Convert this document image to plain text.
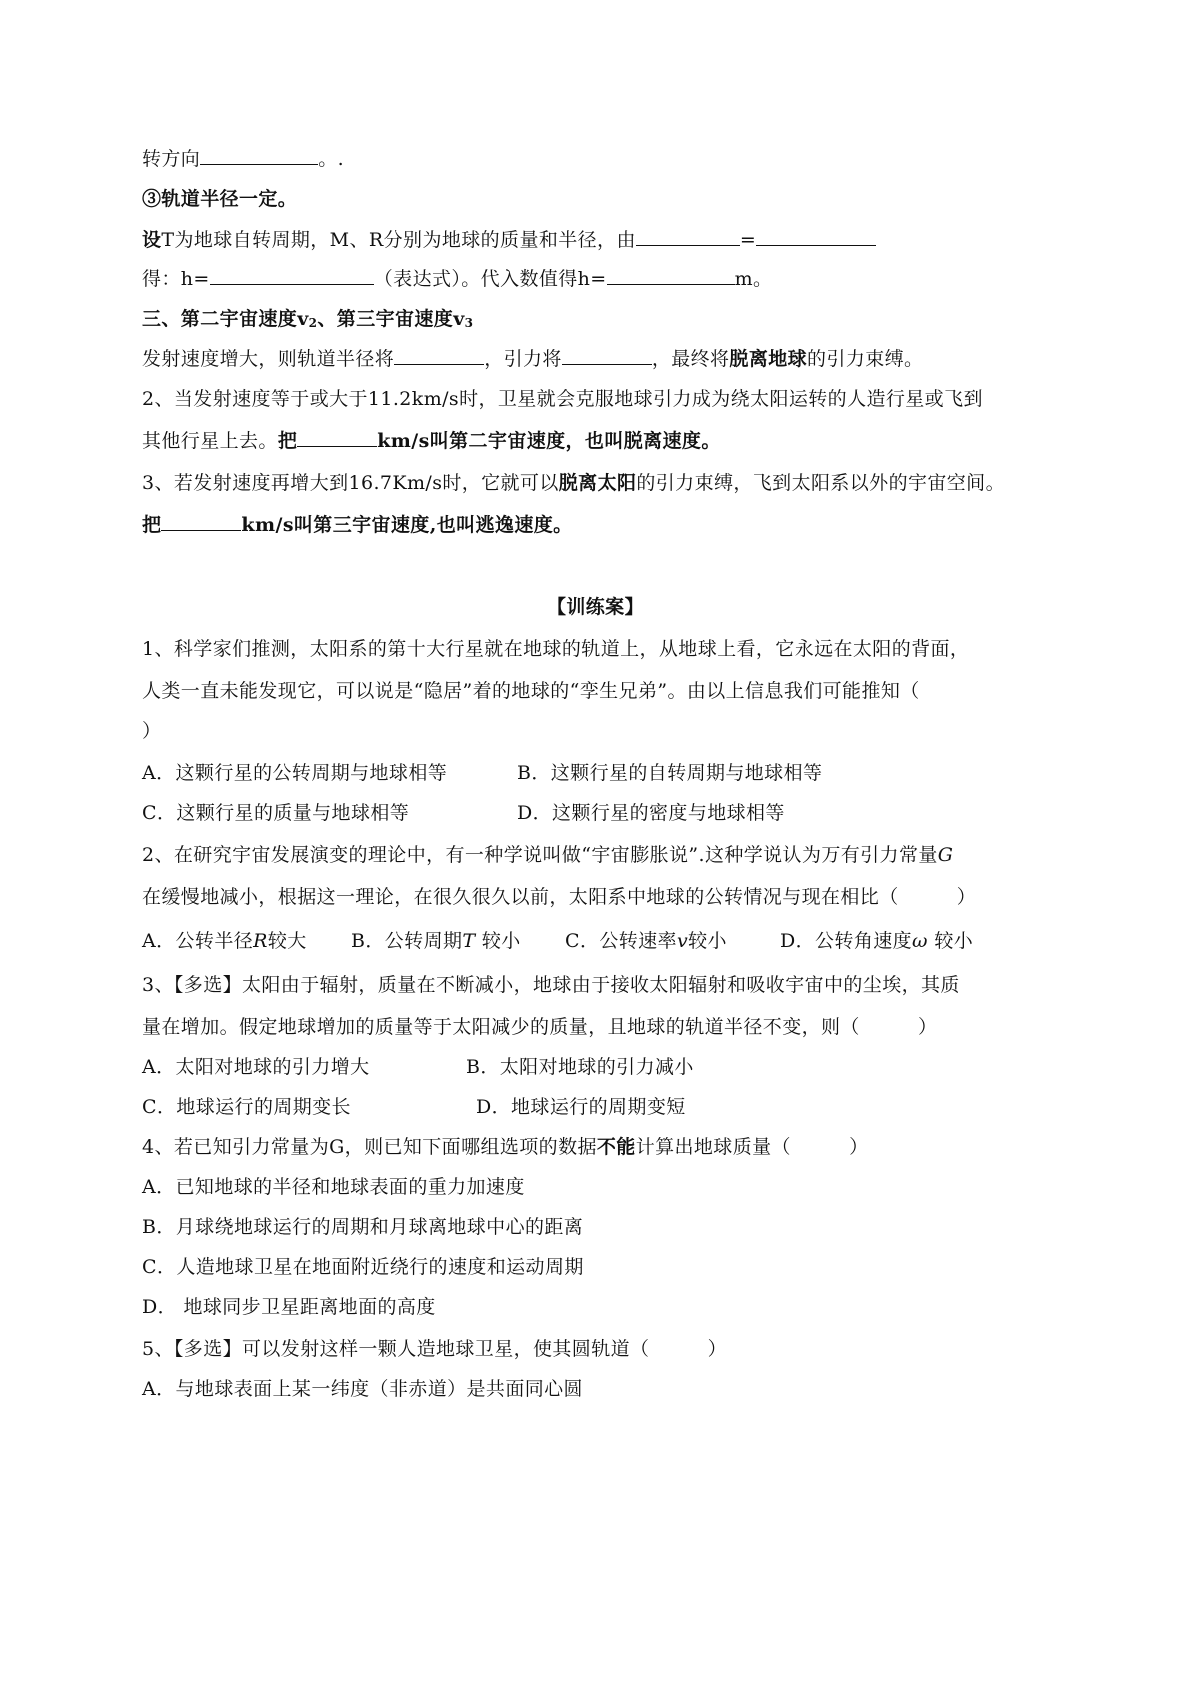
转方向	。.
③轨道半径一定。
设T为地球自转周期，M、R分别为地球的质量和半径，由	=
得：h=	（表达式）。代入数值得h=	m。
三、第二宇宙速度$v_2$、第三宇宙速度$v_3$
发射速度增大，则轨道半径将	，引力将	，最终将脱离地球的引力束缚。
2、当发射速度等于或大于11.2km/s时，卫星就会克服地球引力成为绕太阳运转的人造行星或飞到
其他行星上去。把	km/s叫第二宇宙速度，也叫脱离速度。
3、若发射速度再增大到16.7Km/s时，它就可以脱离太阳的引力束缚，飞到太阳系以外的宇宙空间。
把	km/s叫第三宇宙速度,也叫逃逸速度。
【训练案】
1、科学家们推测，太阳系的第十大行星就在地球的轨道上，从地球上看，它永远在太阳的背面，
人类一直未能发现它，可以说是“隐居”着的地球的“孪生兄弟”。由以上信息我们可能推知（
）
A．这颗行星的公转周期与地球相等	B．这颗行星的自转周期与地球相等
C．这颗行星的质量与地球相等	D．这颗行星的密度与地球相等
2、在研究宇宙发展演变的理论中，有一种学说叫做“宇宙膨胀说”.这种学说认为万有引力常量G
在缓慢地减小，根据这一理论，在很久很久以前，太阳系中地球的公转情况与现在相比（　　　）
A．公转半径R较大 B．公转周期T 较小 C．公转速率v较小	D．公转角速度ω 较小
3、【多选】太阳由于辐射，质量在不断减小，地球由于接收太阳辐射和吸收宇宙中的尘埃，其质
量在增加。假定地球增加的质量等于太阳减少的质量，且地球的轨道半径不变，则（　　　）
A．太阳对地球的引力增大	B．太阳对地球的引力减小
C．地球运行的周期变长	D．地球运行的周期变短
4、若已知引力常量为G，则已知下面哪组选项的数据不能计算出地球质量（　　　）
A．已知地球的半径和地球表面的重力加速度
B．月球绕地球运行的周期和月球离地球中心的距离
C．人造地球卫星在地面附近绕行的速度和运动周期
D． 地球同步卫星距离地面的高度
5、【多选】可以发射这样一颗人造地球卫星，使其圆轨道（　　　）
A．与地球表面上某一纬度（非赤道）是共面同心圆
